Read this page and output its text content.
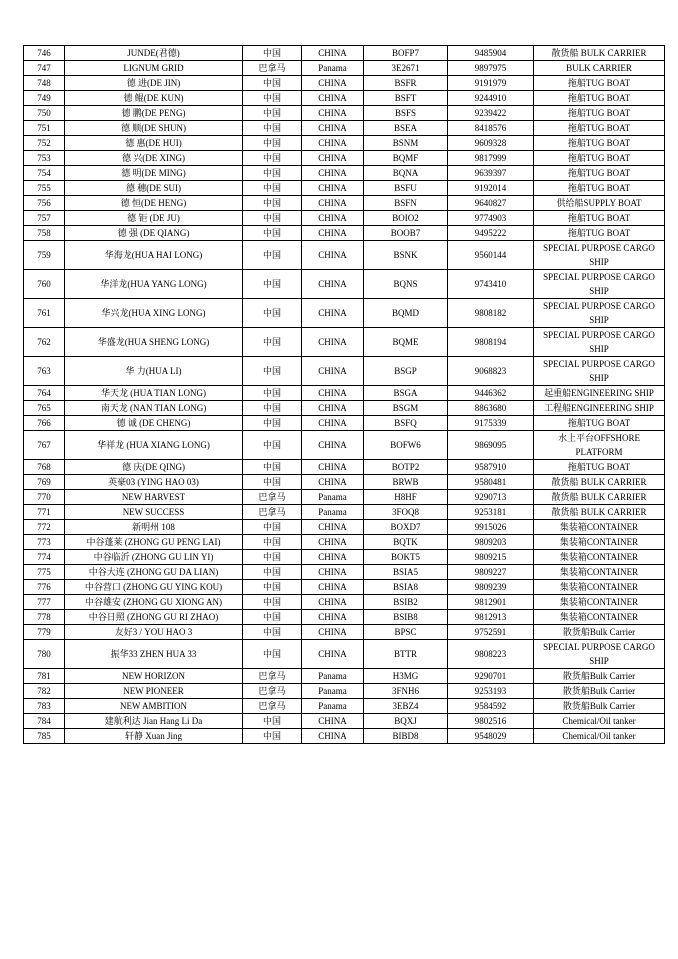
746	JUNDE(君德)	中国	CHINA	BOFP7	9485904	散货船 BULK CARRIER
747	LIGNUM GRID	巴拿马	Panama	3E2671	9897975	BULK CARRIER
748	德 进(DE JIN)	中国	CHINA	BSFR	9191979	拖船TUG BOAT
749	德 鲲(DE KUN)	中国	CHINA	BSFT	9244910	拖船TUG BOAT
750	德 鹏(DE PENG)	中国	CHINA	BSFS	9239422	拖船TUG BOAT
751	德 顺(DE SHUN)	中国	CHINA	BSEA	8418576	拖船TUG BOAT
752	德 惠(DE HUI)	中国	CHINA	BSNM	9609328	拖船TUG BOAT
753	德 兴(DE XING)	中国	CHINA	BQMF	9817999	拖船TUG BOAT
754	德 明(DE MING)	中国	CHINA	BQNA	9639397	拖船TUG BOAT
755	德 穗(DE SUI)	中国	CHINA	BSFU	9192014	拖船TUG BOAT
756	德 恒(DE HENG)	中国	CHINA	BSFN	9640827	供给船SUPPLY BOAT
757	德 钜 (DE JU)	中国	CHINA	BOIO2	9774903	拖船TUG BOAT
758	德 强 (DE QIANG)	中国	CHINA	BOOB7	9495222	拖船TUG BOAT
759	华海龙(HUA HAI LONG)	中国	CHINA	BSNK	9560144	SPECIAL PURPOSE CARGO SHIP
760	华洋龙(HUA YANG LONG)	中国	CHINA	BQNS	9743410	SPECIAL PURPOSE CARGO SHIP
761	华兴龙(HUA XING LONG)	中国	CHINA	BQMD	9808182	SPECIAL PURPOSE CARGO SHIP
762	华盛龙(HUA SHENG LONG)	中国	CHINA	BQME	9808194	SPECIAL PURPOSE CARGO SHIP
763	华 力(HUA LI)	中国	CHINA	BSGP	9068823	SPECIAL PURPOSE CARGO SHIP
764	华天龙 (HUA TIAN LONG)	中国	CHINA	BSGA	9446362	起重船ENGINEERING SHIP
765	南天龙 (NAN TIAN LONG)	中国	CHINA	BSGM	8863680	工程船ENGINEERING SHIP
766	德 诚 (DE CHENG)	中国	CHINA	BSFQ	9175339	拖船TUG BOAT
767	华祥龙 (HUA XIANG LONG)	中国	CHINA	BOFW6	9869095	水上平台OFFSHORE PLATFORM
768	德 庆(DE QING)	中国	CHINA	BOTP2	9587910	拖船TUG BOAT
769	英豪03 (YING HAO 03)	中国	CHINA	BRWB	9580481	散货船 BULK CARRIER
770	NEW HARVEST	巴拿马	Panama	H8HF	9290713	散货船 BULK CARRIER
771	NEW SUCCESS	巴拿马	Panama	3FOQ8	9253181	散货船 BULK CARRIER
772	新明州 108	中国	CHINA	BOXD7	9915026	集装箱CONTAINER
773	中谷蓬莱 (ZHONG GU PENG LAI)	中国	CHINA	BQTK	9809203	集装箱CONTAINER
774	中谷临沂 (ZHONG GU LIN YI)	中国	CHINA	BOKT5	9809215	集装箱CONTAINER
775	中谷大连 (ZHONG GU DA LIAN)	中国	CHINA	BSIA5	9809227	集装箱CONTAINER
776	中谷营口 (ZHONG GU YING KOU)	中国	CHINA	BSIA8	9809239	集装箱CONTAINER
777	中谷雄安 (ZHONG GU XIONG AN)	中国	CHINA	BSIB2	9812901	集装箱CONTAINER
778	中谷日照 (ZHONG GU RI ZHAO)	中国	CHINA	BSIB8	9812913	集装箱CONTAINER
779	友好3 / YOU HAO 3	中国	CHINA	BPSC	9752591	散货船Bulk Carrier
780	振华33 ZHEN HUA 33	中国	CHINA	BTTR	9808223	SPECIAL PURPOSE CARGO SHIP
781	NEW HORIZON	巴拿马	Panama	H3MG	9290701	散货船Bulk Carrier
782	NEW PIONEER	巴拿马	Panama	3FNH6	9253193	散货船Bulk Carrier
783	NEW AMBITION	巴拿马	Panama	3EBZ4	9584592	散货船Bulk Carrier
784	建航利达 Jian Hang Li Da	中国	CHINA	BQXJ	9802516	Chemical/Oil tanker
785	轩静 Xuan Jing	中国	CHINA	BIBD8	9548029	Chemical/Oil tanker
